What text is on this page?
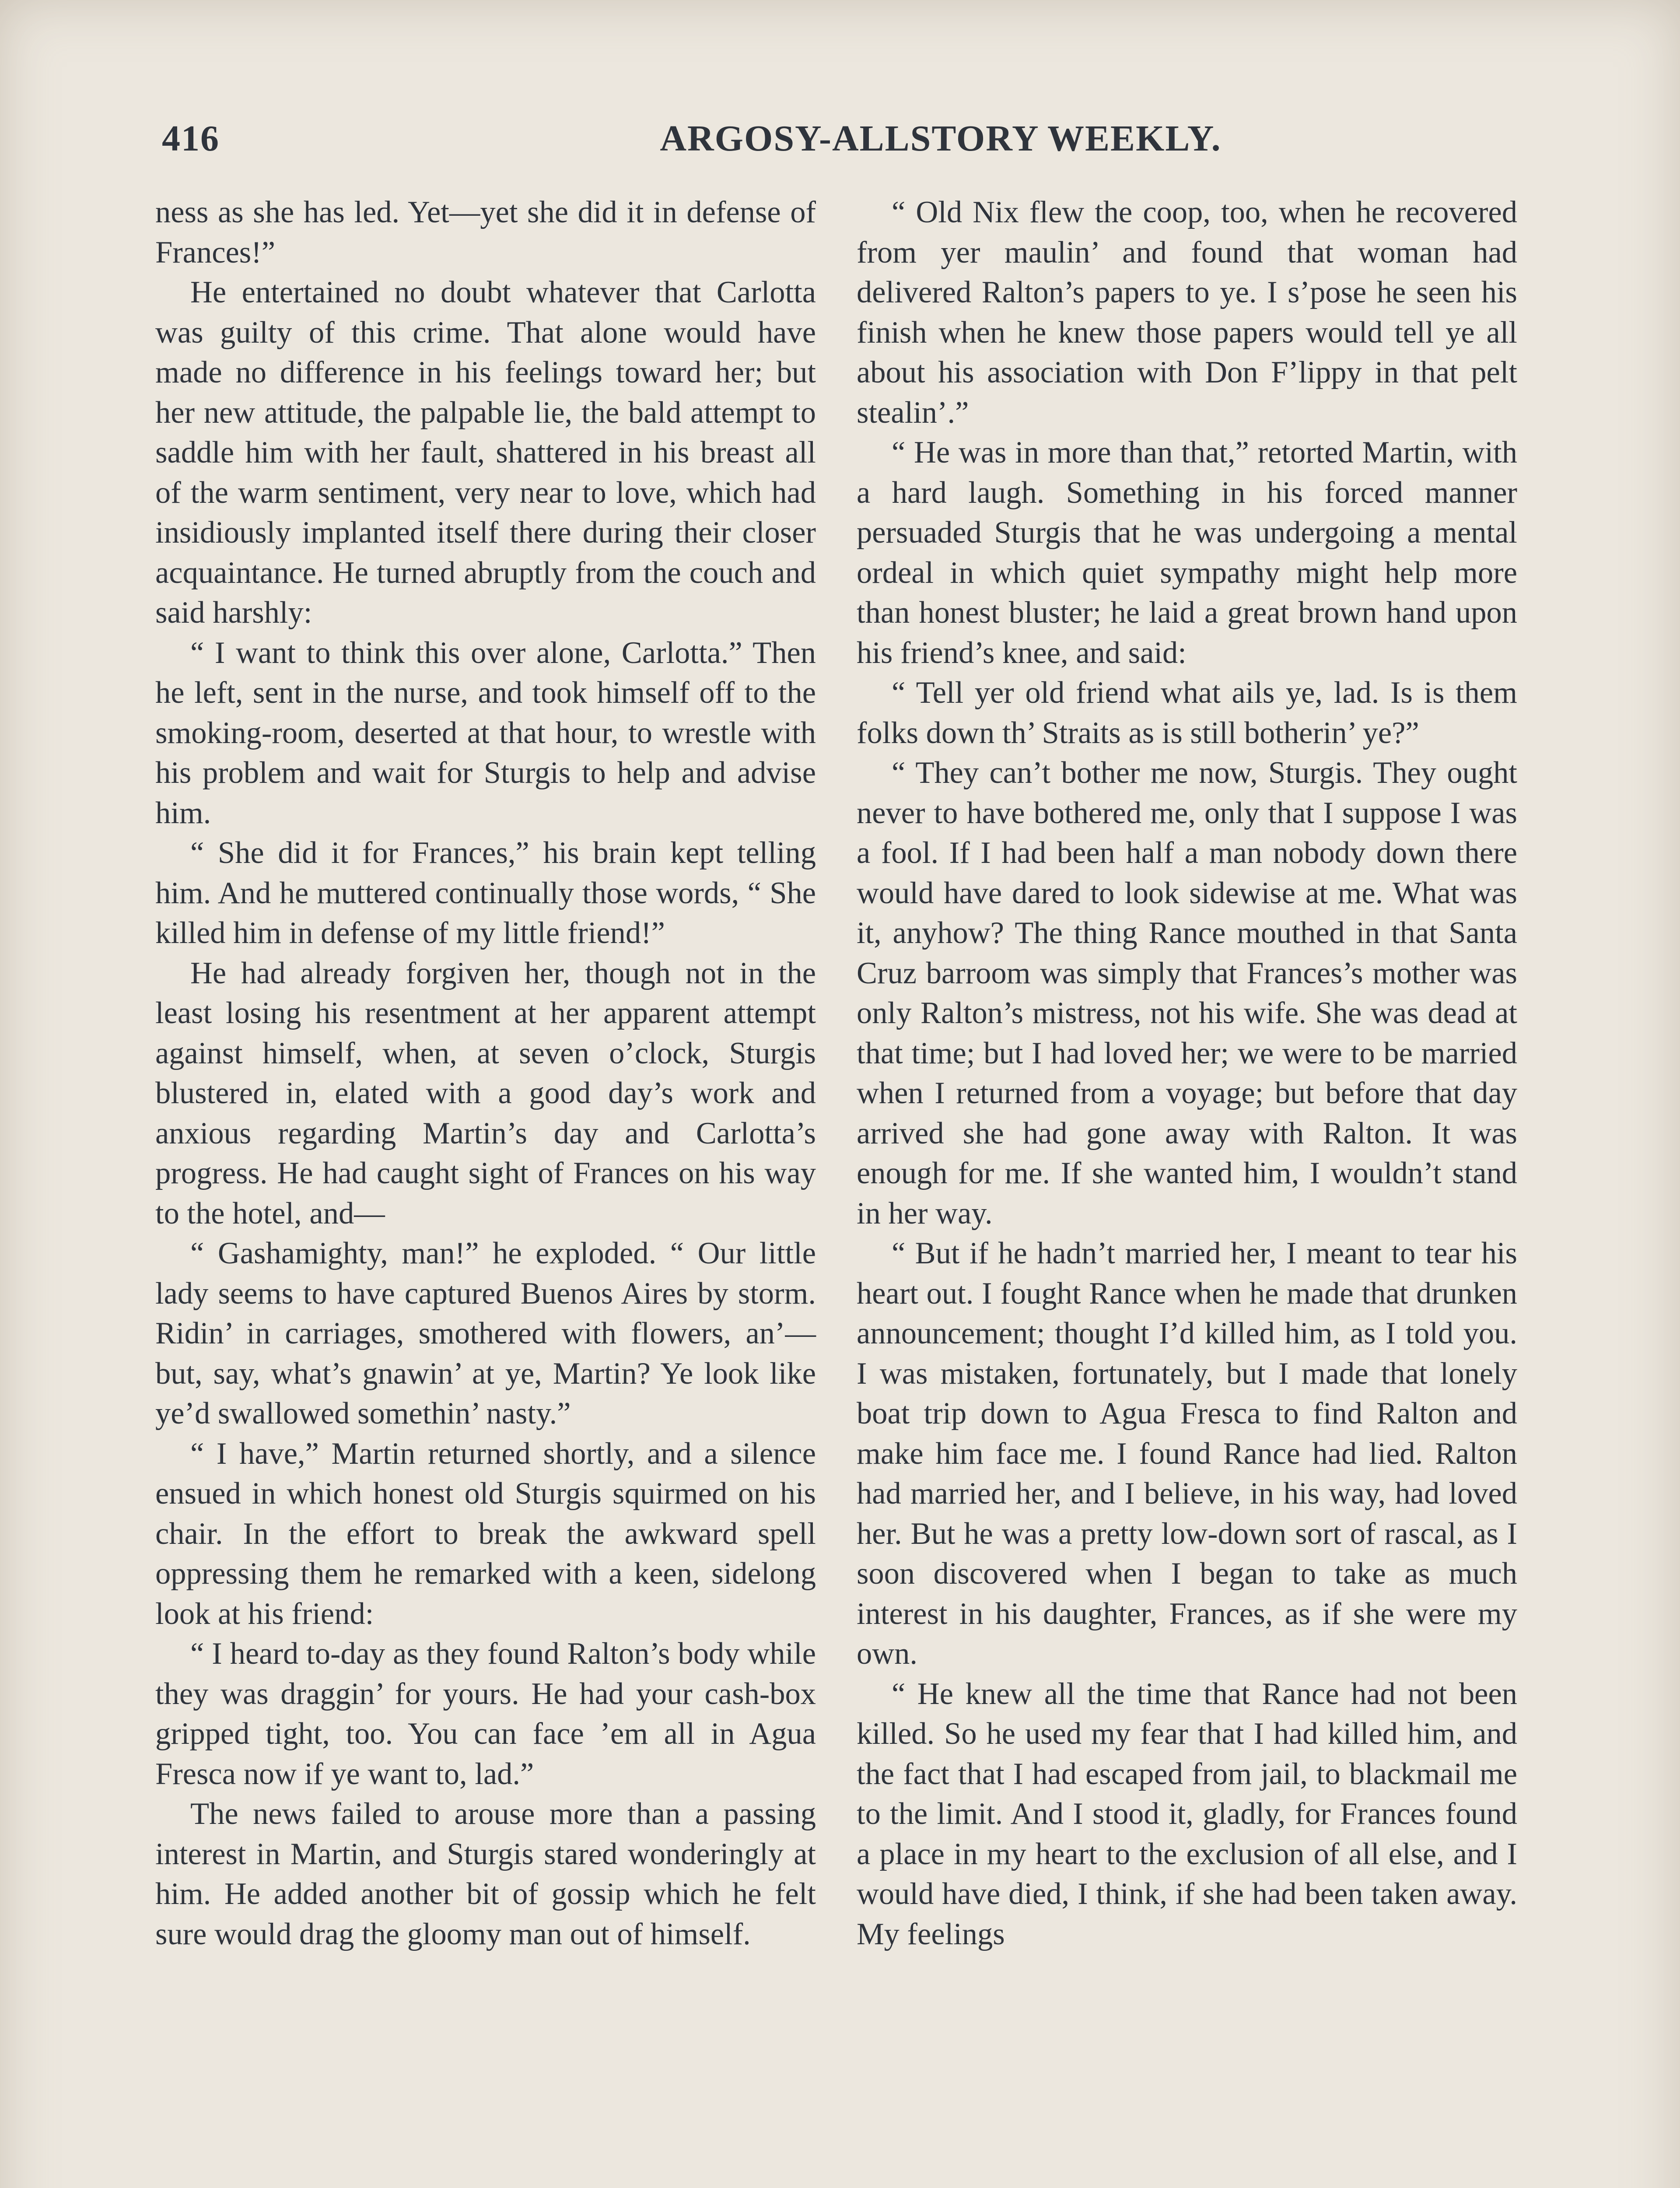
416	ARGOSY-ALLSTORY WEEKLY.

ness as she has led. Yet—yet she did it in defense of Frances!”

He entertained no doubt whatever that Carlotta was guilty of this crime. That alone would have made no difference in his feelings toward her; but her new attitude, the palpable lie, the bald attempt to saddle him with her fault, shattered in his breast all of the warm sentiment, very near to love, which had insidiously implanted itself there during their closer acquaintance. He turned abruptly from the couch and said harshly:

“ I want to think this over alone, Carlotta.” Then he left, sent in the nurse, and took himself off to the smoking-room, deserted at that hour, to wrestle with his problem and wait for Sturgis to help and advise him.

“ She did it for Frances,” his brain kept telling him. And he muttered continually those words, “ She killed him in defense of my little friend!”

He had already forgiven her, though not in the least losing his resentment at her apparent attempt against himself, when, at seven o’clock, Sturgis blustered in, elated with a good day’s work and anxious regarding Martin’s day and Carlotta’s progress. He had caught sight of Frances on his way to the hotel, and—

“ Gashamighty, man!” he exploded. “ Our little lady seems to have captured Buenos Aires by storm. Ridin’ in carriages, smothered with flowers, an’—but, say, what’s gnawin’ at ye, Martin? Ye look like ye’d swallowed somethin’ nasty.”

“ I have,” Martin returned shortly, and a silence ensued in which honest old Sturgis squirmed on his chair. In the effort to break the awkward spell oppressing them he remarked with a keen, sidelong look at his friend:

“ I heard to-day as they found Ralton’s body while they was draggin’ for yours. He had your cash-box gripped tight, too. You can face ’em all in Agua Fresca now if ye want to, lad.”

The news failed to arouse more than a passing interest in Martin, and Sturgis stared wonderingly at him. He added another bit of gossip which he felt sure would drag the gloomy man out of himself.

“ Old Nix flew the coop, too, when he recovered from yer maulin’ and found that woman had delivered Ralton’s papers to ye. I s’pose he seen his finish when he knew those papers would tell ye all about his association with Don F’lippy in that pelt stealin’.”

“ He was in more than that,” retorted Martin, with a hard laugh. Something in his forced manner persuaded Sturgis that he was undergoing a mental ordeal in which quiet sympathy might help more than honest bluster; he laid a great brown hand upon his friend’s knee, and said:

“ Tell yer old friend what ails ye, lad. Is is them folks down th’ Straits as is still botherin’ ye?”

“ They can’t bother me now, Sturgis. They ought never to have bothered me, only that I suppose I was a fool. If I had been half a man nobody down there would have dared to look sidewise at me. What was it, anyhow? The thing Rance mouthed in that Santa Cruz barroom was simply that Frances’s mother was only Ralton’s mistress, not his wife. She was dead at that time; but I had loved her; we were to be married when I returned from a voyage; but before that day arrived she had gone away with Ralton. It was enough for me. If she wanted him, I wouldn’t stand in her way.

“ But if he hadn’t married her, I meant to tear his heart out. I fought Rance when he made that drunken announcement; thought I’d killed him, as I told you. I was mistaken, fortunately, but I made that lonely boat trip down to Agua Fresca to find Ralton and make him face me. I found Rance had lied. Ralton had married her, and I believe, in his way, had loved her. But he was a pretty low-down sort of rascal, as I soon discovered when I began to take as much interest in his daughter, Frances, as if she were my own.

“ He knew all the time that Rance had not been killed. So he used my fear that I had killed him, and the fact that I had escaped from jail, to blackmail me to the limit. And I stood it, gladly, for Frances found a place in my heart to the exclusion of all else, and I would have died, I think, if she had been taken away. My feelings
